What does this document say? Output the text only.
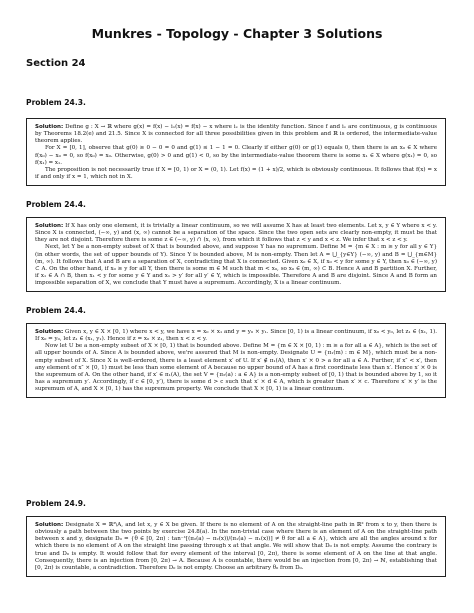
Munkres - Topology - Chapter 3 Solutions
Section 24
Problem 24.3.

Solution: Define g : X → ℝ where g(x) = f(x) − iₓ(x) = f(x) − x where iₓ is the identity function. Since f and iₓ are continuous, g is continuous by Theorems 18.2(e) and 21.5. Since X is connected for all three possibilities given in this problem and ℝ is ordered, the intermediate-value theorem applies.

For X = [0, 1], observe that g(0) ≥ 0 − 0 = 0 and g(1) ≤ 1 − 1 = 0. Clearly if either g(0) or g(1) equals 0, then there is an x₀ ∈ X where f(x₀) − x₀ = 0, so f(x₀) = x₀. Otherwise, g(0) > 0 and g(1) < 0, so by the intermediate-value theorem there is some x₁ ∈ X where g(x₁) = 0, so f(x₁) = x₁.

The proposition is not necessarily true if X = [0, 1) or X = (0, 1). Let f(x) = (1 + x)/2, which is obviously continuous. It follows that f(x) = x if and only if x = 1, which not in X.

Problem 24.4.

Solution: If X has only one element, it is trivially a linear continuum, so we will assume X has at least two elements. Let x, y ∈ Y where x < y. Since X is connected, (−∞, y) and (x, ∞) cannot be a separation of the space. Since the two open sets are clearly non-empty, it must be that they are not disjoint. Therefore there is some z ∈ (−∞, y) ∩ (x, ∞), from which it follows that z < y and x < z. We infer that x < z < y.

Next, let Y be a non-empty subset of X that is bounded above, and suppose Y has no supremum. Define M = {m ∈ X : m ≥ y for all y ∈ Y} (in other words, the set of upper bounds of Y). Since Y is bounded above, M is non-empty. Then let A = ⋃_{y∈Y} (−∞, y) and B = ⋃_{m∈M} (m, ∞). It follows that A and B are a separation of X, contradicting that X is connected. Given x₀ ∈ X, if x₀ < y for some y ∈ Y, then x₀ ∈ (−∞, y) ⊂ A. On the other hand, if x₀ ≥ y for all Y, then there is some m ∈ M such that m < x₀, so x₀ ∈ (m, ∞) ⊂ B. Hence A and B partition X. Further, if x₁ ∈ A ∩ B, then x₁ < y for some y ∈ Y and x₁ > y′ for all y′ ∈ Y, which is impossible. Therefore A and B are disjoint. Since A and B form an impossible separation of X, we conclude that Y must have a supremum. Accordingly, X is a linear continuum.

Problem 24.4.

Solution: Given x, y ∈ X × [0, 1) where x < y, we have x = x₀ × x₁ and y = y₀ × y₁. Since [0, 1) is a linear continuum, if x₀ < y₀, let z₁ ∈ (x₁, 1). If x₀ = y₀, let z₁ ∈ (x₁, y₁). Hence if z = x₀ × z₁, then x < z < y.

Now let U be a non-empty subset of X × [0, 1) that is bounded above. Define M = {m ∈ X × [0, 1) : m ≥ a for all a ∈ A}, which is the set of all upper bounds of A. Since A is bounded above, we're assured that M is non-empty. Designate U = {π₁(m) : m ∈ M}, which must be a non-empty subset of X. Since X is well-ordered, there is a least element x′ of U. If x′ ∉ π₁(A), then x′ × 0 > a for all a ∈ A. Further, if x″ < x′, then any element of x″ × [0, 1) must be less than some element of A because no upper bound of A has a first coordinate less than x′. Hence x′ × 0 is the supremum of A. On the other hand, if x′ ∈ π₁(A), the set V = {π₂(a) : a ∈ A} is a non-empty subset of [0, 1) that is bounded above by 1, so it has a supremum y′. Accordingly, if c ∈ [0, y′), there is some d > c such that x′ × d ∈ A, which is greater than x′ × c. Therefore x′ × y′ is the supremum of A, and X × [0, 1) has the supremum property. We conclude that X × [0, 1) is a linear continuum.

Problem 24.9.

Solution: Designate X = ℝ²\A, and let x, y ∈ X be given. If there is no element of A on the straight-line path in ℝ² from x to y, then there is obviously a path between the two points by exercise 24.8(a). In the non-trivial case where there is an element of A on the straight-line path between x and y, designate D₀ = {θ ∈ [0, 2π) : tan⁻¹[(π₂(a) − π₂(x))/(π₁(a) − π₁(x))] ≠ θ for all a ∈ A}, which are all the angles around x for which there is no element of A on the straight line passing through x at that angle. We will show that D₀ is not empty. Assume the contrary is true and D₀ is empty. It would follow that for every element of the interval [0, 2π), there is some element of A on the line at that angle. Consequently, there is an injection from [0, 2π) → A. Because A is countable, there would be an injection from [0, 2π) → ℕ, establishing that [0, 2π) is countable, a contradiction. Therefore D₀ is not empty. Choose an arbitrary θ₀ from D₀.
